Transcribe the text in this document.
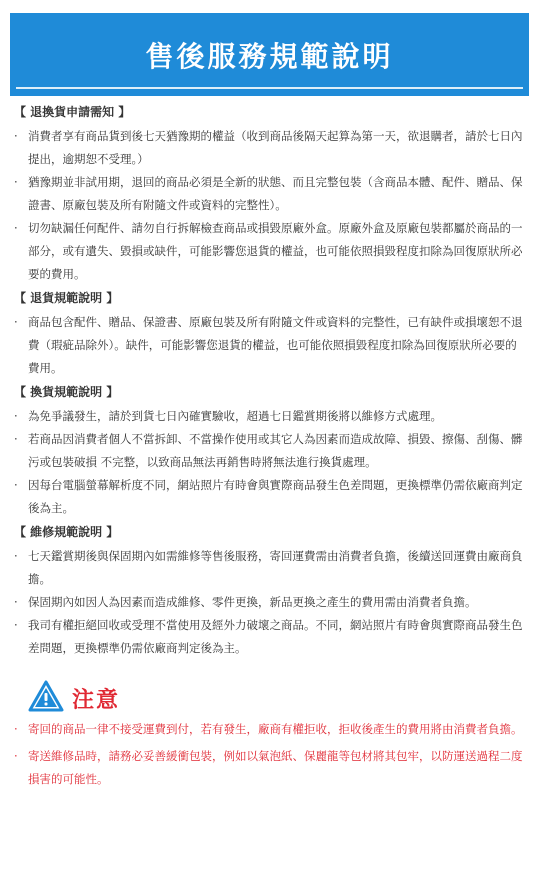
售後服務規範說明
【 退換貨申請需知 】
· 消費者享有商品貨到後七天猶豫期的權益（收到商品後隔天起算為第一天，欲退購者，請於七日內提出，逾期恕不受理。）
· 猶豫期並非試用期，退回的商品必須是全新的狀態、而且完整包裝（含商品本體、配件、贈品、保證書、原廠包裝及所有附隨文件或資料的完整性）。
· 切勿缺漏任何配件、請勿自行拆解檢查商品或損毀原廠外盒。原廠外盒及原廠包裝都屬於商品的一部分，或有遺失、毀損或缺件，可能影響您退貨的權益，也可能依照損毀程度扣除為回復原狀所必要的費用。
【 退貨規範說明 】
· 商品包含配件、贈品、保證書、原廠包裝及所有附隨文件或資料的完整性，已有缺件或損壞恕不退費（瑕疵品除外）。缺件，可能影響您退貨的權益，也可能依照損毀程度扣除為回復原狀所必要的費用。
【 換貨規範說明 】
· 為免爭議發生，請於到貨七日內確實驗收，超過七日鑑賞期後將以維修方式處理。
· 若商品因消費者個人不當拆卸、不當操作使用或其它人為因素而造成故障、損毀、擦傷、刮傷、髒污或包裝破損 不完整，以致商品無法再銷售時將無法進行換貨處理。
· 因每台電腦螢幕解析度不同，網站照片有時會與實際商品發生色差問題，更換標準仍需依廠商判定後為主。
【 維修規範說明 】
· 七天鑑賞期後與保固期內如需維修等售後服務，寄回運費需由消費者負擔，後續送回運費由廠商負擔。
· 保固期內如因人為因素而造成維修、零件更換，新品更換之產生的費用需由消費者負擔。
· 我司有權拒絕回收或受理不當使用及經外力破壞之商品。不同，網站照片有時會與實際商品發生色差問題，更換標準仍需依廠商判定後為主。
注意
· 寄回的商品一律不接受運費到付，若有發生，廠商有權拒收，拒收後產生的費用將由消費者負擔。
· 寄送維修品時，請務必妥善緩衝包裝，例如以氣泡紙、保麗龍等包材將其包牢，以防運送過程二度損害的可能性。
